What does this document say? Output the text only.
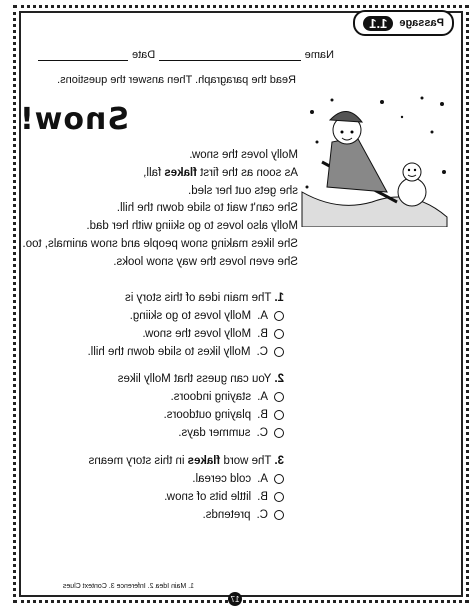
Passage
1.1
Name
Date
Read the paragraph. Then answer the questions.
Snow!
Molly loves the snow.
As soon as the first flakes fall,
she gets out her sled.
She can't wait to slide down the hill.
Molly also loves to go skiing with her dad.
She likes making snow people and snow animals, too.
She even loves the way snow looks.
1. The main idea of this story is
A.
Molly loves to go skiing.
B.
Molly loves the snow.
C.
Molly likes to slide down the hill.
2. You can guess that Molly likes
A.
staying indoors.
B.
playing outdoors.
C.
summer days.
3. The word flakes in this story means
A.
cold cereal.
B.
little bits of snow.
C.
pretends.
1. Main Idea 2. Inference 3. Context Clues
17
